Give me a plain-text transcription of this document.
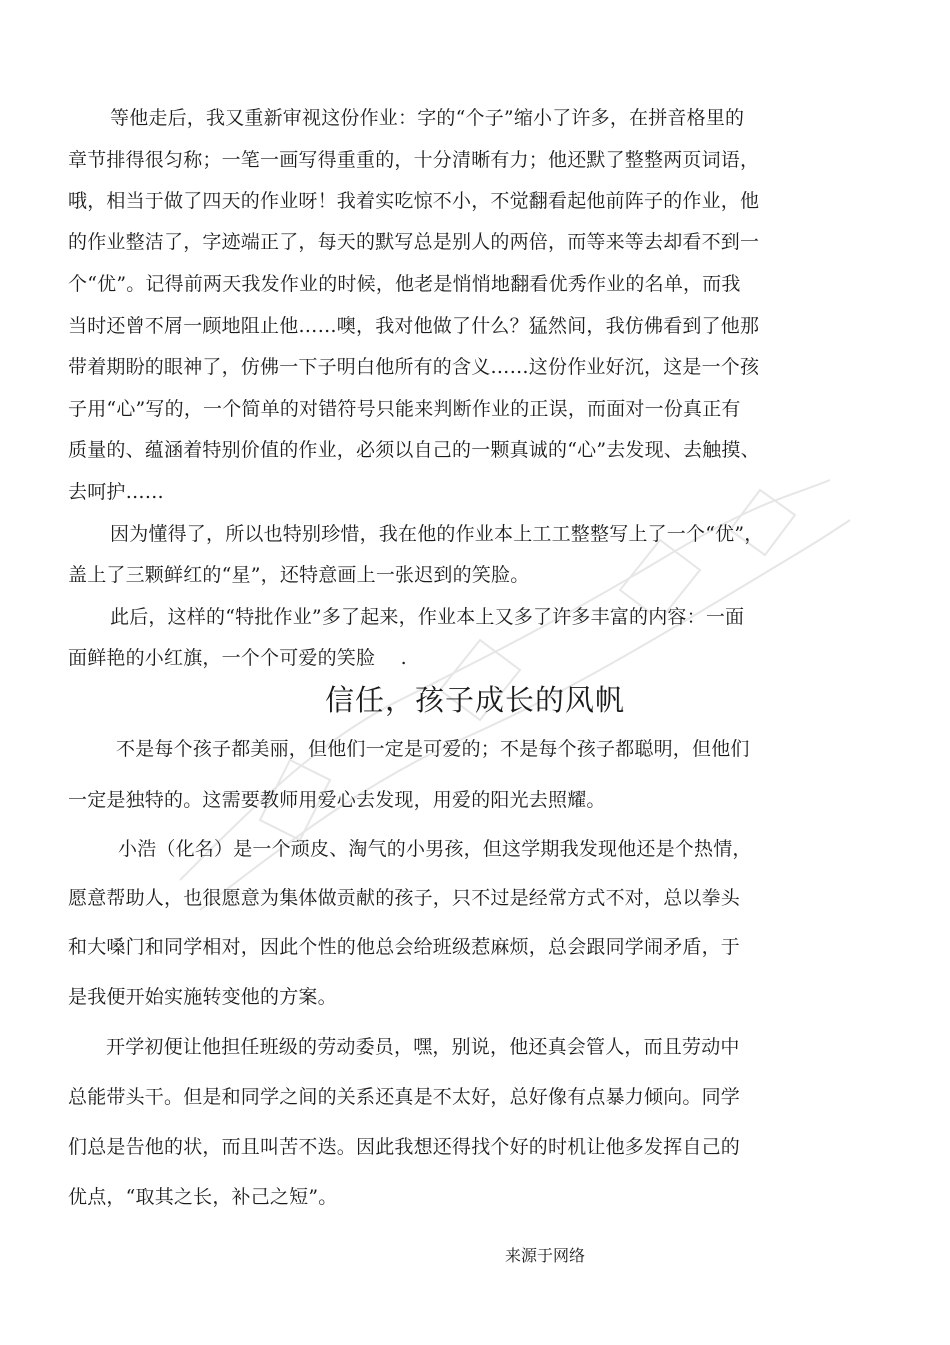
等他走后，我又重新审视这份作业：字的“个子”缩小了许多，在拼音格里的
章节排得很匀称；一笔一画写得重重的，十分清晰有力；他还默了整整两页词语，
哦，相当于做了四天的作业呀！我着实吃惊不小，不觉翻看起他前阵子的作业，他
的作业整洁了，字迹端正了，每天的默写总是别人的两倍，而等来等去却看不到一
个“优”。记得前两天我发作业的时候，他老是悄悄地翻看优秀作业的名单，而我
当时还曾不屑一顾地阻止他……噢，我对他做了什么？猛然间，我仿佛看到了他那
带着期盼的眼神了，仿佛一下子明白他所有的含义……这份作业好沉，这是一个孩
子用“心”写的，一个简单的对错符号只能来判断作业的正误，而面对一份真正有
质量的、蕴涵着特别价值的作业，必须以自己的一颗真诚的“心”去发现、去触摸、
去呵护……
因为懂得了，所以也特别珍惜，我在他的作业本上工工整整写上了一个“优”，
盖上了三颗鲜红的“星”，还特意画上一张迟到的笑脸。
此后，这样的“特批作业”多了起来，作业本上又多了许多丰富的内容：一面
面鲜艳的小红旗，一个个可爱的笑脸　 .
信任，孩子成长的风帆
不是每个孩子都美丽，但他们一定是可爱的；不是每个孩子都聪明，但他们
一定是独特的。这需要教师用爱心去发现，用爱的阳光去照耀。
小浩（化名）是一个顽皮、淘气的小男孩，但这学期我发现他还是个热情，
愿意帮助人，也很愿意为集体做贡献的孩子，只不过是经常方式不对，总以拳头
和大嗓门和同学相对，因此个性的他总会给班级惹麻烦，总会跟同学闹矛盾，于
是我便开始实施转变他的方案。
开学初便让他担任班级的劳动委员，嘿，别说，他还真会管人，而且劳动中
总能带头干。但是和同学之间的关系还真是不太好，总好像有点暴力倾向。同学
们总是告他的状，而且叫苦不迭。因此我想还得找个好的时机让他多发挥自己的
优点，“取其之长，补己之短”。
来源于网络
